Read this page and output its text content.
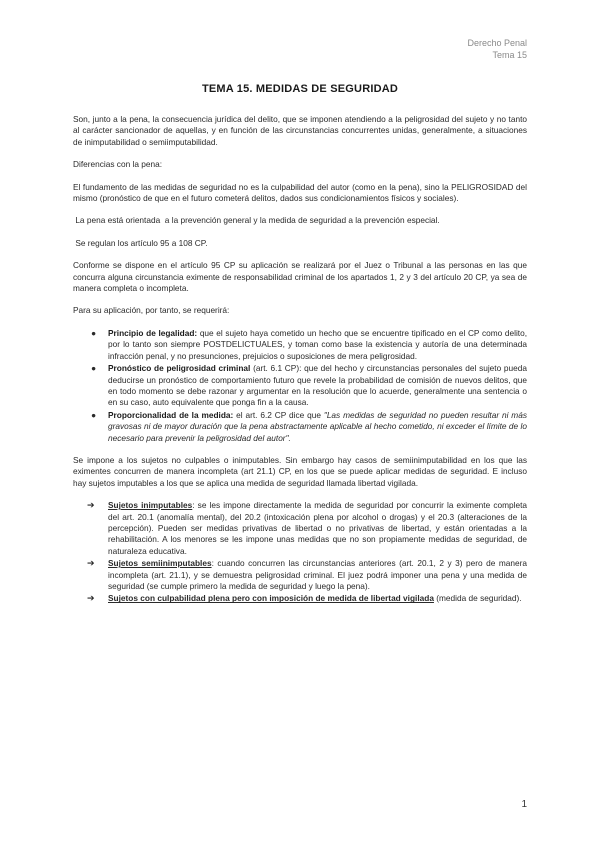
Derecho Penal
Tema 15
TEMA 15. MEDIDAS DE SEGURIDAD

Son, junto a la pena, la consecuencia jurídica del delito, que se imponen atendiendo a la peligrosidad del sujeto y no tanto al carácter sancionador de aquellas, y en función de las circunstancias concurrentes unidas, generalmente, a situaciones de inimputabilidad o semiimputabilidad.

Diferencias con la pena:

El fundamento de las medidas de seguridad no es la culpabilidad del autor (como en la pena), sino la PELIGROSIDAD del mismo (pronóstico de que en el futuro cometerá delitos, dados sus condicionamientos físicos y sociales).

La pena está orientada  a la prevención general y la medida de seguridad a la prevención especial.

Se regulan los artículo 95 a 108 CP.

Conforme se dispone en el artículo 95 CP su aplicación se realizará por el Juez o Tribunal a las personas en las que concurra alguna circunstancia eximente de responsabilidad criminal de los apartados 1, 2 y 3 del artículo 20 CP, ya sea de manera completa o incompleta.

Para su aplicación, por tanto, se requerirá:

● Principio de legalidad: que el sujeto haya cometido un hecho que se encuentre tipificado en el CP como delito, por lo tanto son siempre POSTDELICTUALES, y toman como base la existencia y autoría de una determinada infracción penal, y no presunciones, prejuicios o suposiciones de mera peligrosidad.
● Pronóstico de peligrosidad criminal (art. 6.1 CP): que del hecho y circunstancias personales del sujeto pueda deducirse un pronóstico de comportamiento futuro que revele la probabilidad de comisión de nuevos delitos, que en todo momento se debe razonar y argumentar en la resolución que lo acuerde, generalmente una sentencia o en su caso, auto equivalente que ponga fin a la causa.
● Proporcionalidad de la medida: el art. 6.2 CP dice que "Las medidas de seguridad no pueden resultar ni más gravosas ni de mayor duración que la pena abstractamente aplicable al hecho cometido, ni exceder el límite de lo necesario para prevenir la peligrosidad del autor".

Se impone a los sujetos no culpables o inimputables. Sin embargo hay casos de semiinimputabilidad en los que las eximentes concurren de manera incompleta (art 21.1) CP, en los que se puede aplicar medidas de seguridad. E incluso hay sujetos imputables a los que se aplica una medida de seguridad llamada libertad vigilada.

➔ Sujetos inimputables: se les impone directamente la medida de seguridad por concurrir la eximente completa del art. 20.1 (anomalía mental), del 20.2 (intoxicación plena por alcohol o drogas) y el 20.3 (alteraciones de la percepción). Pueden ser medidas privativas de libertad o no privativas de libertad, y están orientadas a la rehabilitación. A los menores se les impone unas medidas que no son propiamente medidas de seguridad, de naturaleza educativa.
➔ Sujetos semiinimputables: cuando concurren las circunstancias anteriores (art. 20.1, 2 y 3) pero de manera incompleta (art. 21.1), y se demuestra peligrosidad criminal. El juez podrá imponer una pena y una medida de seguridad (se cumple primero la medida de seguridad y luego la pena).
➔ Sujetos con culpabilidad plena pero con imposición de medida de libertad vigilada (medida de seguridad).
1
